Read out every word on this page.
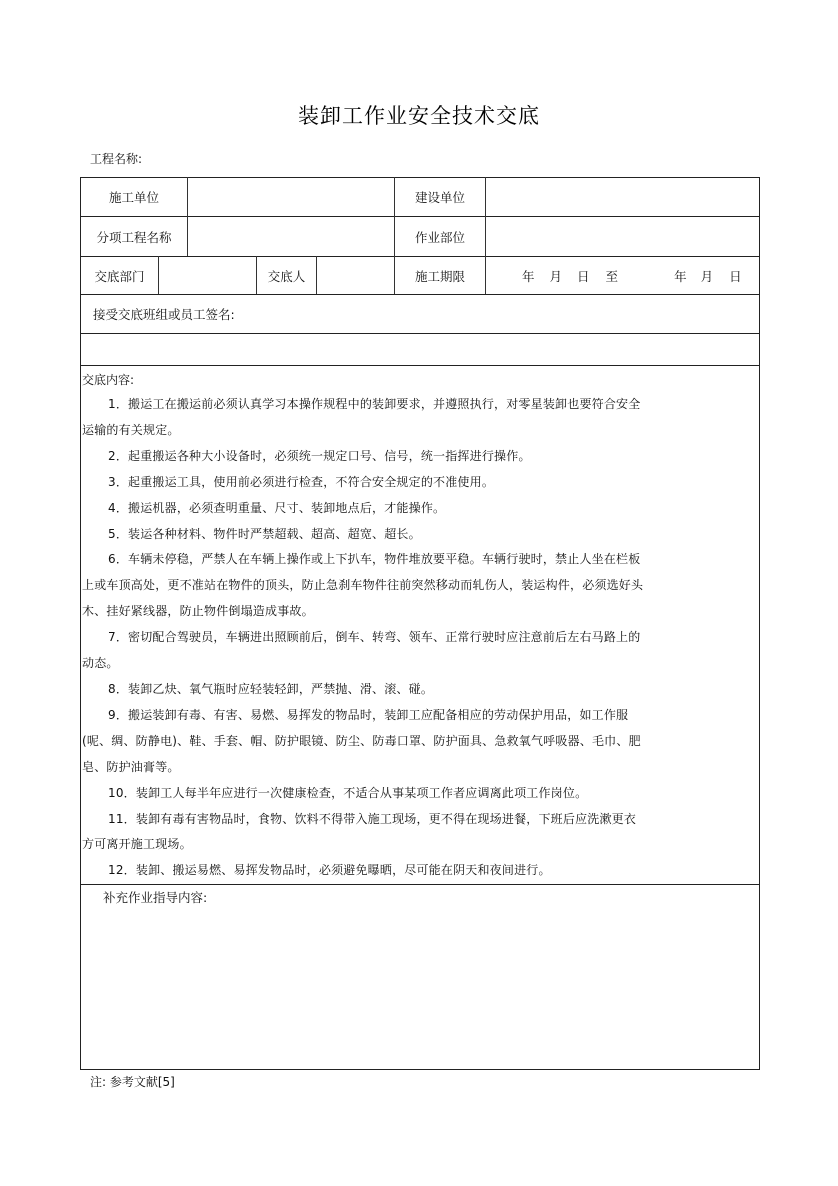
装卸工作业安全技术交底
工程名称:
施工单位	建设单位
分项工程名称	作业部位
交底部门	交底人	施工期限	年 月 日 至	年 月 日
接受交底班组或员工签名:
交底内容:

1．搬运工在搬运前必须认真学习本操作规程中的装卸要求，并遵照执行，对零星装卸也要符合安全运输的有关规定。

2．起重搬运各种大小设备时，必须统一规定口号、信号，统一指挥进行操作。

3．起重搬运工具，使用前必须进行检查，不符合安全规定的不准使用。

4．搬运机器，必须查明重量、尺寸、装卸地点后，才能操作。

5．装运各种材料、物件时严禁超载、超高、超宽、超长。

6．车辆未停稳，严禁人在车辆上操作或上下扒车，物件堆放要平稳。车辆行驶时，禁止人坐在栏板上或车顶高处，更不准站在物件的顶头，防止急刹车物件往前突然移动而轧伤人，装运构件，必须选好头木、挂好紧线器，防止物件倒塌造成事故。

7．密切配合驾驶员，车辆进出照顾前后，倒车、转弯、领车、正常行驶时应注意前后左右马路上的动态。

8．装卸乙炔、氧气瓶时应轻装轻卸，严禁抛、滑、滚、碰。

9．搬运装卸有毒、有害、易燃、易挥发的物品时，装卸工应配备相应的劳动保护用品，如工作服(呢、绸、防静电)、鞋、手套、帽、防护眼镜、防尘、防毒口罩、防护面具、急救氧气呼吸器、毛巾、肥皂、防护油膏等。

10．装卸工人每半年应进行一次健康检查，不适合从事某项工作者应调离此项工作岗位。

11．装卸有毒有害物品时，食物、饮料不得带入施工现场，更不得在现场进餐，下班后应洗漱更衣方可离开施工现场。

12．装卸、搬运易燃、易挥发物品时，必须避免曝晒，尽可能在阴天和夜间进行。

补充作业指导内容:
注: 参考文献[5]
